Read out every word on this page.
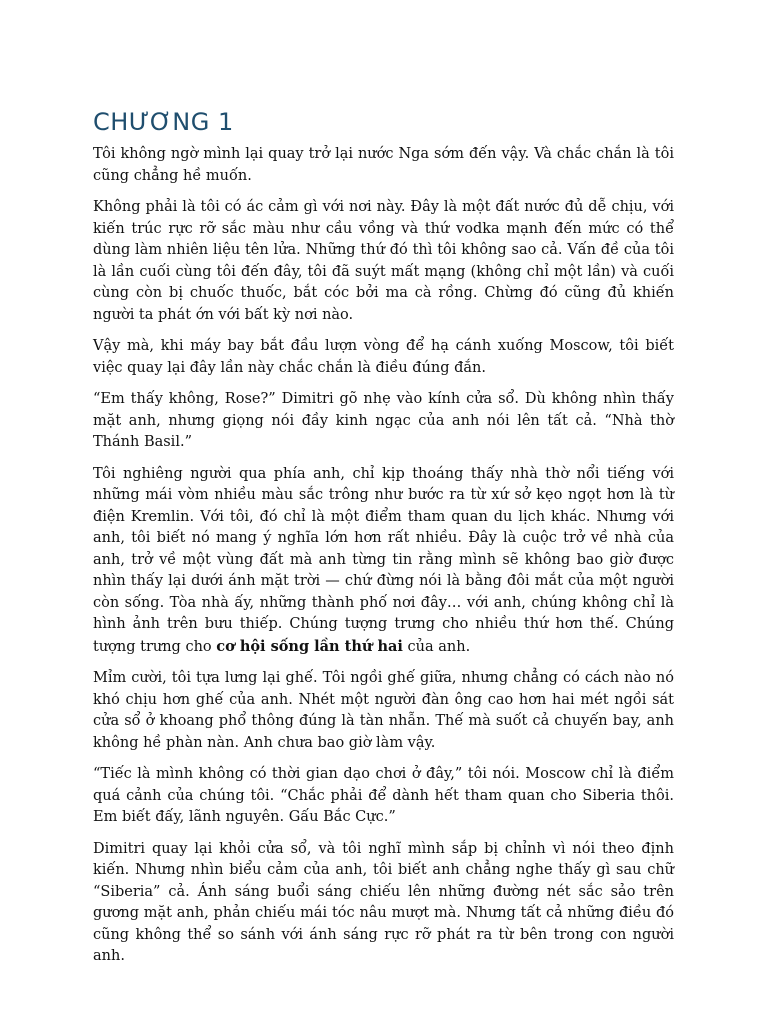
CHƯƠNG 1

Tôi không ngờ mình lại quay trở lại nước Nga sớm đến vậy. Và chắc chắn là tôi cũng chẳng hề muốn.

Không phải là tôi có ác cảm gì với nơi này. Đây là một đất nước đủ dễ chịu, với kiến trúc rực rỡ sắc màu như cầu vồng và thứ vodka mạnh đến mức có thể dùng làm nhiên liệu tên lửa. Những thứ đó thì tôi không sao cả. Vấn đề của tôi là lần cuối cùng tôi đến đây, tôi đã suýt mất mạng (không chỉ một lần) và cuối cùng còn bị chuốc thuốc, bắt cóc bởi ma cà rồng. Chừng đó cũng đủ khiến người ta phát ớn với bất kỳ nơi nào.

Vậy mà, khi máy bay bắt đầu lượn vòng để hạ cánh xuống Moscow, tôi biết việc quay lại đây lần này chắc chắn là điều đúng đắn.

“Em thấy không, Rose?” Dimitri gõ nhẹ vào kính cửa sổ. Dù không nhìn thấy mặt anh, nhưng giọng nói đầy kinh ngạc của anh nói lên tất cả. “Nhà thờ Thánh Basil.”

Tôi nghiêng người qua phía anh, chỉ kịp thoáng thấy nhà thờ nổi tiếng với những mái vòm nhiều màu sắc trông như bước ra từ xứ sở kẹo ngọt hơn là từ điện Kremlin. Với tôi, đó chỉ là một điểm tham quan du lịch khác. Nhưng với anh, tôi biết nó mang ý nghĩa lớn hơn rất nhiều. Đây là cuộc trở về nhà của anh, trở về một vùng đất mà anh từng tin rằng mình sẽ không bao giờ được nhìn thấy lại dưới ánh mặt trời — chứ đừng nói là bằng đôi mắt của một người còn sống. Tòa nhà ấy, những thành phố nơi đây… với anh, chúng không chỉ là hình ảnh trên bưu thiếp. Chúng tượng trưng cho nhiều thứ hơn thế. Chúng tượng trưng cho cơ hội sống lần thứ hai của anh.

Mỉm cười, tôi tựa lưng lại ghế. Tôi ngồi ghế giữa, nhưng chẳng có cách nào nó khó chịu hơn ghế của anh. Nhét một người đàn ông cao hơn hai mét ngồi sát cửa sổ ở khoang phổ thông đúng là tàn nhẫn. Thế mà suốt cả chuyến bay, anh không hề phàn nàn. Anh chưa bao giờ làm vậy.

“Tiếc là mình không có thời gian dạo chơi ở đây,” tôi nói. Moscow chỉ là điểm quá cảnh của chúng tôi. “Chắc phải để dành hết tham quan cho Siberia thôi. Em biết đấy, lãnh nguyên. Gấu Bắc Cực.”

Dimitri quay lại khỏi cửa sổ, và tôi nghĩ mình sắp bị chỉnh vì nói theo định kiến. Nhưng nhìn biểu cảm của anh, tôi biết anh chẳng nghe thấy gì sau chữ “Siberia” cả. Ánh sáng buổi sáng chiếu lên những đường nét sắc sảo trên gương mặt anh, phản chiếu mái tóc nâu mượt mà. Nhưng tất cả những điều đó cũng không thể so sánh với ánh sáng rực rỡ phát ra từ bên trong con người anh.
